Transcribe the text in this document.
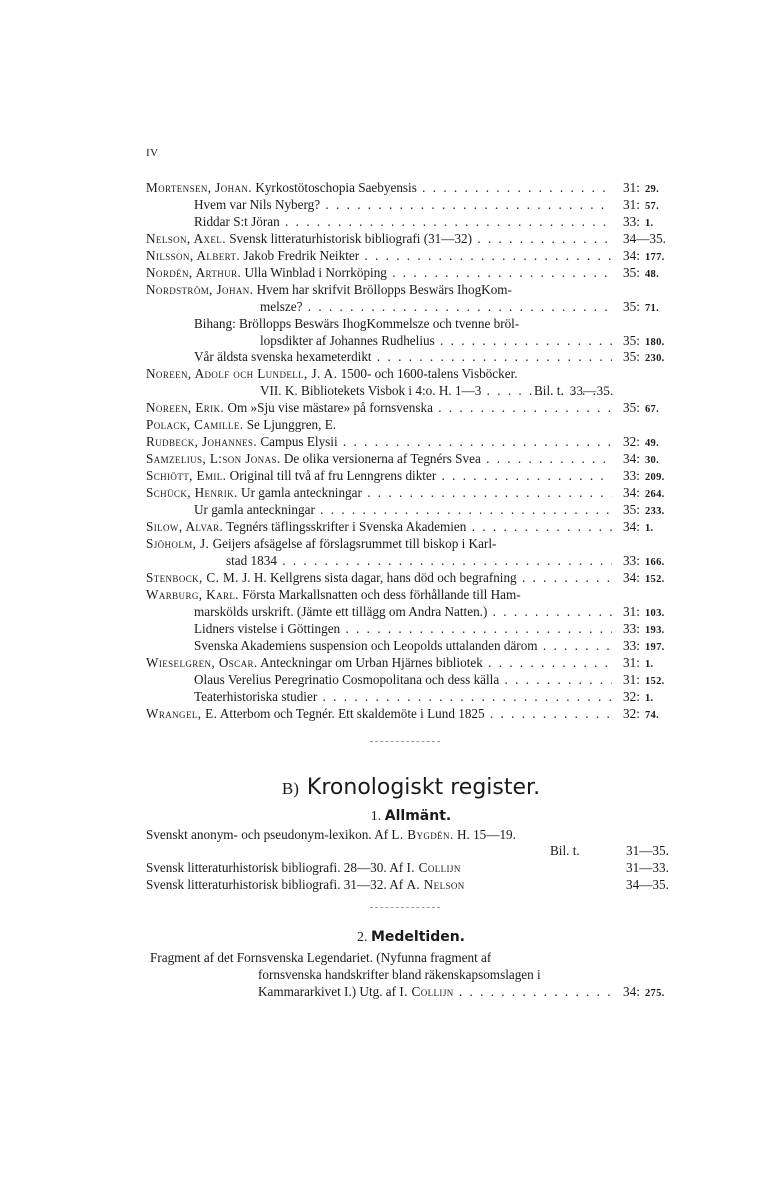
IV
Mortensen, Johan. Kyrkostötoschopia Saebyensis . . .	31: 29.
Hvem var Nils Nyberg? . . .	31: 57.
Riddar S:t Jöran . . .	33: 1.
Nelson, Axel. Svensk litteraturhistorisk bibliografi (31—32) . . .	34—35.
Nilsson, Albert. Jakob Fredrik Neikter . . .	34: 177.
Nordén, Arthur. Ulla Winblad i Norrköping . . .	35: 48.
Nordström, Johan. Hvem har skrifvit Bröllopps Beswärs IhogKom-
melsze? . . .	35: 71.
Bihang: Bröllopps Beswärs IhogKommelsze och tvenne bröl-
lopsdikter af Johannes Rudhelius . . .	35: 180.
Vår äldsta svenska hexameterdikt . . .	35: 230.
Noreen, Adolf och Lundell, J. A. 1500- och 1600-talens Visböcker.
VII. K. Bibliotekets Visbok i 4:o. H. 1—3 . . .	Bil. t. 33—35.
Noreen, Erik. Om »Sju vise mästare» på fornsvenska . . .	35: 67.
Polack, Camille. Se Ljunggren, E.
Rudbeck, Johannes. Campus Elysii . . .	32: 49.
Samzelius, L:son Jonas. De olika versionerna af Tegnérs Svea . . .	34: 30.
Schiött, Emil. Original till två af fru Lenngrens dikter . . .	33: 209.
Schück, Henrik. Ur gamla anteckningar . . .	34: 264.
Ur gamla anteckningar . . .	35: 233.
Silow, Alvar. Tegnérs täflingsskrifter i Svenska Akademien . . .	34: 1.
Sjöholm, J. Geijers afsägelse af förslagsrummet till biskop i Karl-
stad 1834 . . .	33: 166.
Stenbock, C. M. J. H. Kellgrens sista dagar, hans död och begrafning . . .	34: 152.
Warburg, Karl. Första Markallsnatten och dess förhållande till Ham-
marskölds urskrift. (Jämte ett tillägg om Andra Natten.) . . .	31: 103.
Lidners vistelse i Göttingen . . .	33: 193.
Svenska Akademiens suspension och Leopolds uttalanden därom . . .	33: 197.
Wieselgren, Oscar. Anteckningar om Urban Hjärnes bibliotek . . .	31: 1.
Olaus Verelius Peregrinatio Cosmopolitana och dess källa . . .	31: 152.
Teaterhistoriska studier . . .	32: 1.
Wrangel, E. Atterbom och Tegnér. Ett skaldemöte i Lund 1825 . . .	32: 74.
B) Kronologiskt register.
1. Allmänt.
Svenskt anonym- och pseudonym-lexikon. Af L. Bygdén. H. 15—19.
Bil. t.	31—35.
Svensk litteraturhistorisk bibliografi. 28—30. Af I. Collijn	31—33.
Svensk litteraturhistorisk bibliografi. 31—32. Af A. Nelson	34—35.
2. Medeltiden.
Fragment af det Fornsvenska Legendariet. (Nyfunna fragment af
fornsvenska handskrifter bland räkenskapsomslagen i
Kammararkivet I.) Utg. af I. Collijn . . .	34: 275.
